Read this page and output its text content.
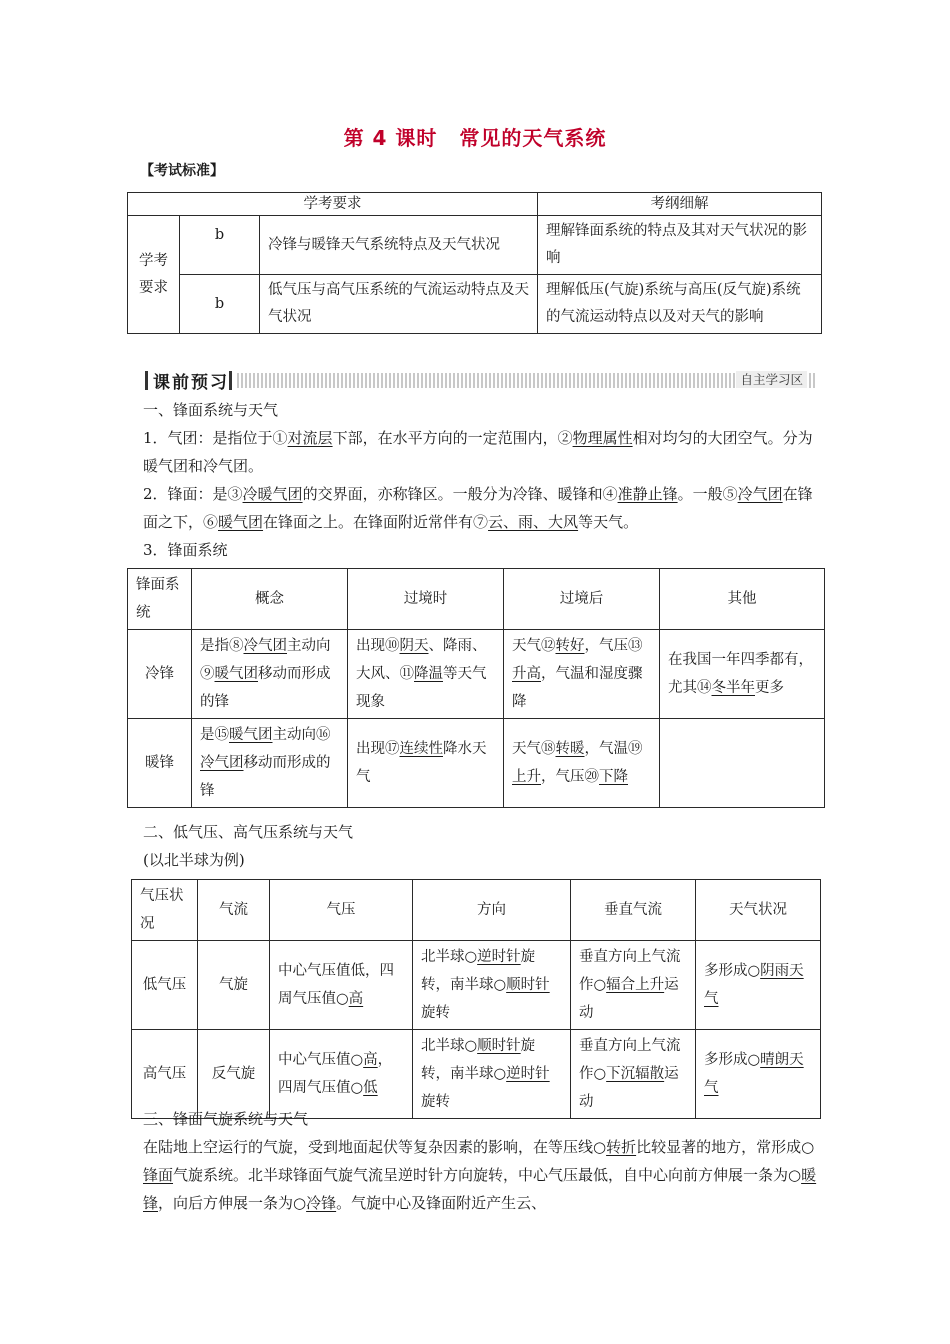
第 4 课时 常见的天气系统
【考试标准】
学考要求			考纲细解
学考要求	b	冷锋与暖锋天气系统特点及天气状况	理解锋面系统的特点及其对天气状况的影响
	b	低气压与高气压系统的气流运动特点及天气状况	理解低压(气旋)系统与高压(反气旋)系统的气流运动特点以及对天气的影响
课前预习	自主学习区
一、锋面系统与天气
1．气团：是指位于①对流层下部，在水平方向的一定范围内，②物理属性相对均匀的大团空气。分为暖气团和冷气团。
2．锋面：是③冷暖气团的交界面，亦称锋区。一般分为冷锋、暖锋和④准静止锋。一般⑤冷气团在锋面之下，⑥暖气团在锋面之上。在锋面附近常伴有⑦云、雨、大风等天气。
3．锋面系统
锋面系统	概念	过境时	过境后	其他
冷锋	是指⑧冷气团主动向⑨暖气团移动而形成的锋	出现⑩阴天、降雨、大风、⑪降温等天气现象	天气⑫转好，气压⑬升高，气温和湿度骤降	在我国一年四季都有，尤其⑭冬半年更多
暖锋	是⑮暖气团主动向⑯冷气团移动而形成的锋	出现⑰连续性降水天气	天气⑱转暖，气温⑲上升，气压⑳下降	
二、低气压、高气压系统与天气
(以北半球为例)
气压状况	气流	气压	方向	垂直气流	天气状况
低气压	气旋	中心气压值低，四周气压值○高	北半球○逆时针旋转，南半球○顺时针旋转	垂直方向上气流作○辐合上升运动	多形成○阴雨天气
高气压	反气旋	中心气压值○高，四周气压值○低	北半球○顺时针旋转，南半球○逆时针旋转	垂直方向上气流作○下沉辐散运动	多形成○晴朗天气
三、锋面气旋系统与天气
在陆地上空运行的气旋，受到地面起伏等复杂因素的影响，在等压线○转折比较显著的地方，常形成○锋面气旋系统。北半球锋面气旋气流呈逆时针方向旋转，中心气压最低，自中心向前方伸展一条为○暖锋，向后方伸展一条为○冷锋。气旋中心及锋面附近产生云、
